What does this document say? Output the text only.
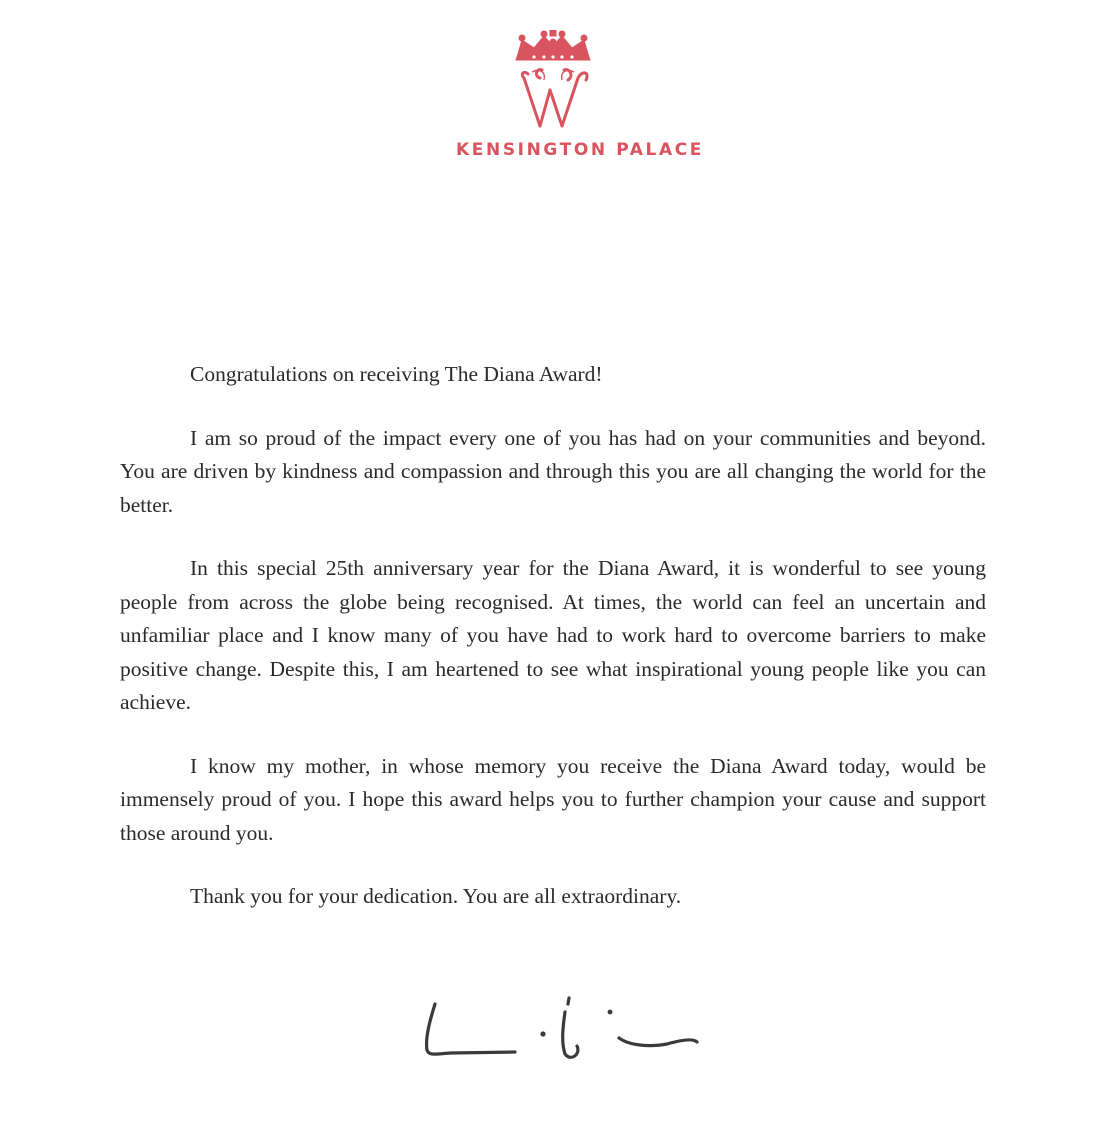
KENSINGTON PALACE

Congratulations on receiving The Diana Award!

I am so proud of the impact every one of you has had on your communities and beyond. You are driven by kindness and compassion and through this you are all changing the world for the better.

In this special 25th anniversary year for the Diana Award, it is wonderful to see young people from across the globe being recognised. At times, the world can feel an uncertain and unfamiliar place and I know many of you have had to work hard to overcome barriers to make positive change. Despite this, I am heartened to see what inspirational young people like you can achieve.

I know my mother, in whose memory you receive the Diana Award today, would be immensely proud of you. I hope this award helps you to further champion your cause and support those around you.

Thank you for your dedication. You are all extraordinary.
